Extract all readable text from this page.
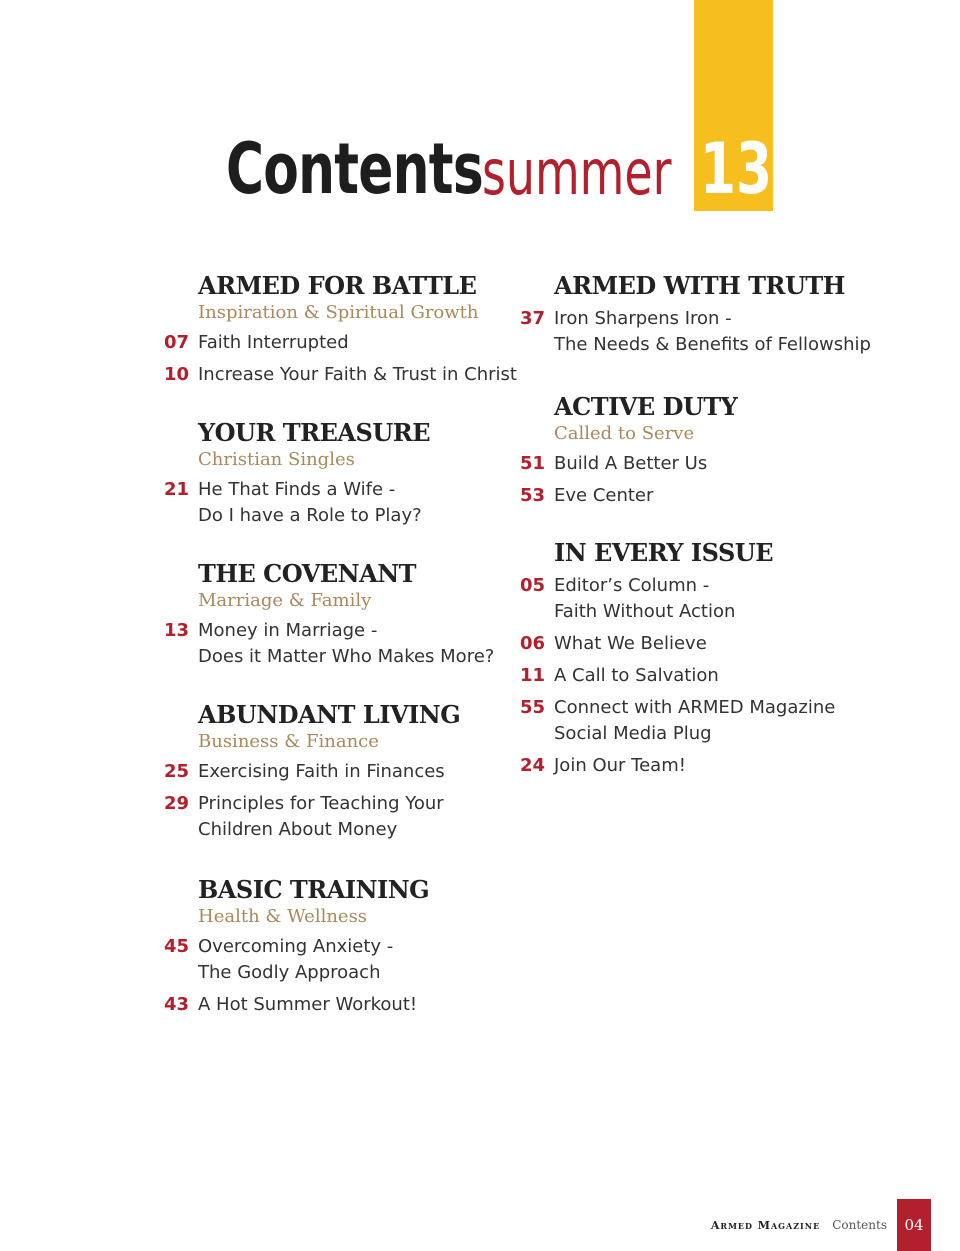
Contents summer 13
ARMED FOR BATTLE
Inspiration & Spiritual Growth
07 Faith Interrupted
10 Increase Your Faith & Trust in Christ
YOUR TREASURE
Christian Singles
21 He That Finds a Wife -
Do I have a Role to Play?
THE COVENANT
Marriage & Family
13 Money in Marriage -
Does it Matter Who Makes More?
ABUNDANT LIVING
Business & Finance
25 Exercising Faith in Finances
29 Principles for Teaching Your
Children About Money
BASIC TRAINING
Health & Wellness
45 Overcoming Anxiety -
The Godly Approach
43 A Hot Summer Workout!
ARMED WITH TRUTH
37 Iron Sharpens Iron -
The Needs & Benefits of Fellowship
ACTIVE DUTY
Called to Serve
51 Build A Better Us
53 Eve Center
IN EVERY ISSUE
05 Editor’s Column -
Faith Without Action
06 What We Believe
11 A Call to Salvation
55 Connect with ARMED Magazine
Social Media Plug
24 Join Our Team!
Armed Magazine Contents	04
